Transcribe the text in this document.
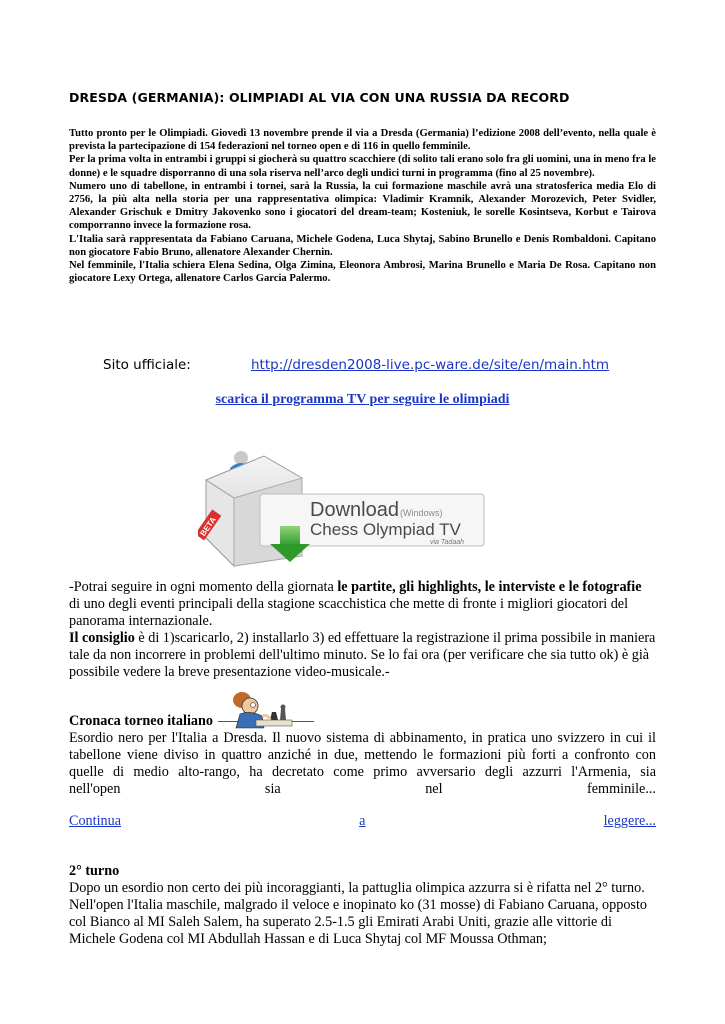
DRESDA (GERMANIA): OLIMPIADI AL VIA CON UNA RUSSIA DA RECORD

Tutto pronto per le Olimpiadi. Giovedì 13 novembre prende il via a Dresda (Germania) l’edizione 2008 dell’evento, nella quale è prevista la partecipazione di 154 federazioni nel torneo open e di 116 in quello femminile.

Per la prima volta in entrambi i gruppi si giocherà su quattro scacchiere (di solito tali erano solo fra gli uomini, una in meno fra le donne) e le squadre disporranno di una sola riserva nell’arco degli undici turni in programma (fino al 25 novembre).

Numero uno di tabellone, in entrambi i tornei, sarà la Russia, la cui formazione maschile avrà una stratosferica media Elo di 2756, la più alta nella storia per una rappresentativa olimpica: Vladimir Kramnik, Alexander Morozevich, Peter Svidler, Alexander Grischuk e Dmitry Jakovenko sono i giocatori del dream-team; Kosteniuk, le sorelle Kosintseva, Korbut e Tairova comporranno invece la formazione rosa.

L'Italia sarà rappresentata da Fabiano Caruana, Michele Godena, Luca Shytaj, Sabino Brunello e Denis Rombaldoni. Capitano non giocatore Fabio Bruno, allenatore Alexander Chernin.

Nel femminile, l'Italia schiera Elena Sedina, Olga Zimina, Eleonora Ambrosi, Marina Brunello e Maria De Rosa. Capitano non giocatore Lexy Ortega, allenatore Carlos Garcia Palermo.

Sito ufficiale:	http://dresden2008-live.pc-ware.de/site/en/main.htm
scarica il programma TV per seguire le olimpiadi
Download (Windows)
Chess Olympiad TV
via Tadaah
BETA

-Potrai seguire in ogni momento della giornata le partite, gli highlights, le interviste e le fotografie di uno degli eventi principali della stagione scacchistica che mette di fronte i migliori giocatori del panorama internazionale.

Il consiglio è di 1)scaricarlo, 2) installarlo 3) ed effettuare la registrazione il prima possibile in maniera tale da non incorrere in problemi dell'ultimo minuto. Se lo fai ora (per verificare che sia tutto ok) è già possibile vedere la breve presentazione video-musicale.-

Cronaca torneo italiano
Esordio nero per l'Italia a Dresda. Il nuovo sistema di abbinamento, in pratica uno svizzero in cui il tabellone viene diviso in quattro anziché in due, mettendo le formazioni più forti a confronto con quelle di medio alto-rango, ha decretato come primo avversario degli azzurri l'Armenia, sia
nell'open	sia	nel	femminile...
Continua	a	leggere...
2° turno
Dopo un esordio non certo dei più incoraggianti, la pattuglia olimpica azzurra si è rifatta nel 2° turno. Nell'open l'Italia maschile, malgrado il veloce e inopinato ko (31 mosse) di Fabiano Caruana, opposto col Bianco al MI Saleh Salem, ha superato 2.5-1.5 gli Emirati Arabi Uniti, grazie alle vittorie di Michele Godena col MI Abdullah Hassan e di Luca Shytaj col MF Moussa Othman;
